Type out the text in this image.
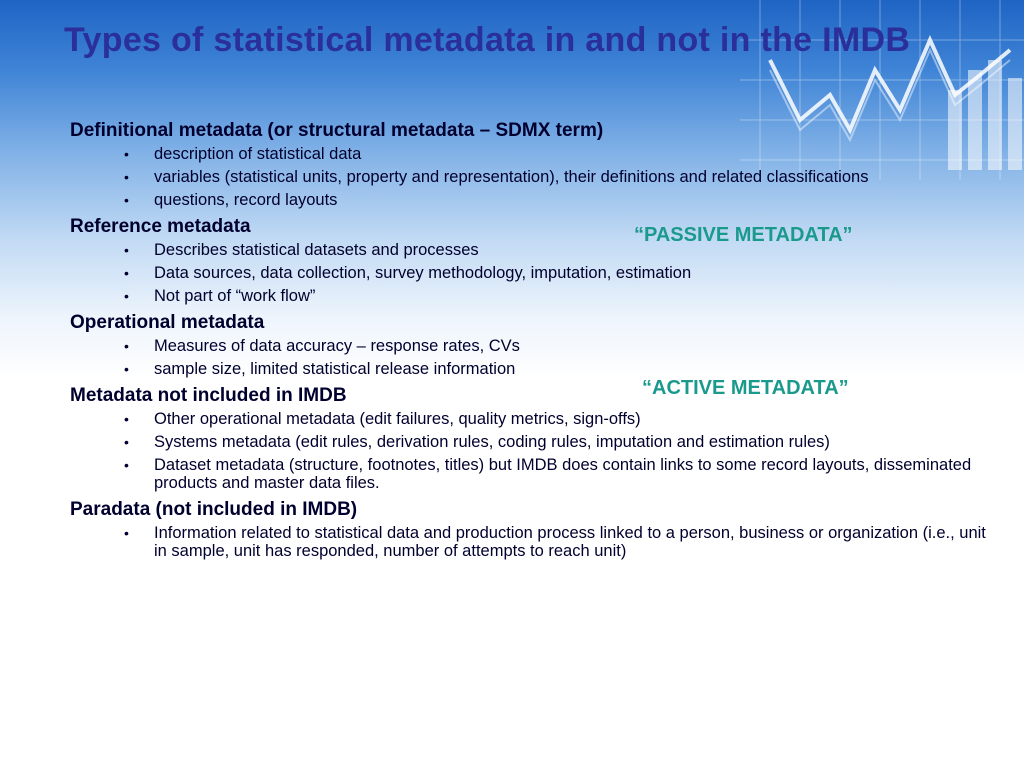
Types of statistical metadata in and not in the IMDB

Definitional metadata (or structural metadata – SDMX term)

• description of statistical data
• variables (statistical units, property and representation), their definitions and related classifications
• questions, record layouts

Reference metadata

• Describes statistical datasets and processes
• Data sources, data collection, survey methodology, imputation, estimation
• Not part of “work flow”

Operational metadata

• Measures of data accuracy – response rates, CVs
• sample size, limited statistical release information

Metadata not included in IMDB

• Other operational metadata (edit failures, quality metrics, sign-offs)
• Systems metadata (edit rules, derivation rules, coding rules, imputation and estimation rules)
• Dataset metadata (structure, footnotes, titles) but IMDB does contain links to some record layouts, disseminated products and master data files.

Paradata (not included in IMDB)

• Information related to statistical data and production process linked to a person, business or organization (i.e., unit in sample, unit has responded, number of attempts to reach unit)

“PASSIVE METADATA”

“ACTIVE METADATA”
